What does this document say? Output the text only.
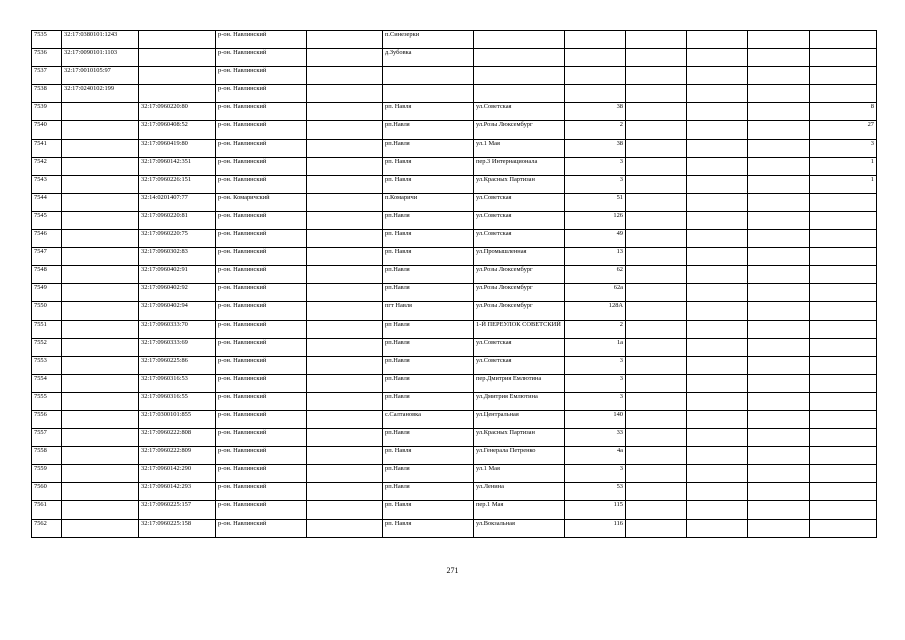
7535	32:17:0380101:1243		р-он. Навлинский		п.Синезерки						
7536	32:17:0090101:1103		р-он. Навлинский		д.Зубовка						
7537	32:17:0010105:97		р-он. Навлинский								
7538	32:17:0240102:199		р-он. Навлинский								
7539		32:17:0960220:80	р-он. Навлинский		рп. Навля	ул.Советская	38				8
7540		32:17:0960408:52	р-он. Навлинский		рп.Навля	ул.Розы Люксембург	2				27
7541		32:17:0960419:80	р-он. Навлинский		рп.Навля	ул.1 Мая	38				3
7542		32:17:0960142:351	р-он. Навлинский		рп. Навля	пер.3 Интернационала	3				1
7543		32:17:0960226:151	р-он. Навлинский		рп. Навля	ул.Красных Партизан	3				1
7544		32:14:0201407:77	р-он. Комаричский		п.Комаричи	ул.Советская	51				
7545		32:17:0960220:81	р-он. Навлинский		рп.Навля	ул.Советская	126				
7546		32:17:0960220:75	р-он. Навлинский		рп. Навля	ул.Советская	49				
7547		32:17:0960302:83	р-он. Навлинский		рп. Навля	ул.Промышленная	13				
7548		32:17:0960402:91	р-он. Навлинский		рп.Навля	ул.Розы Люксембург	62				
7549		32:17:0960402:92	р-он. Навлинский		рп.Навля	ул.Розы Люксембург	62а				
7550		32:17:0960402:94	р-он. Навлинский		пгт Навля	ул.Розы Люксембург	128А				
7551		32:17:0960333:70	р-он. Навлинский		рп Навля	1-Й ПЕРЕУЛОК СОВЕТСКИЙ	2				
7552		32:17:0960333:69	р-он. Навлинский		рп.Навля	ул.Советская	1а				
7553		32:17:0960225:86	р-он. Навлинский		рп.Навля	ул.Советская	3				
7554		32:17:0960316:53	р-он. Навлинский		рп.Навля	пер.Дмитрия Емлютина	3				
7555		32:17:0960316:55	р-он. Навлинский		рп.Навля	ул.Дмитрия Емлютина	3				
7556		32:17:0300101:855	р-он. Навлинский		с.Салтановка	ул.Центральная	140				
7557		32:17:0960222:808	р-он. Навлинский		рп.Навля	ул.Красных Партизан	33				
7558		32:17:0960222:809	р-он. Навлинский		рп. Навля	ул.Генерала Петренко	4а				
7559		32:17:0960142:290	р-он. Навлинский		рп.Навля	ул.1 Мая	3				
7560		32:17:0960142:293	р-он. Навлинский		рп.Навля	ул.Ленина	53				
7561		32:17:0960225:157	р-он. Навлинский		рп. Навля	пер.1 Мая	115				
7562		32:17:0960225:158	р-он. Навлинский		рп. Навля	ул.Вокзальная	116				
271
